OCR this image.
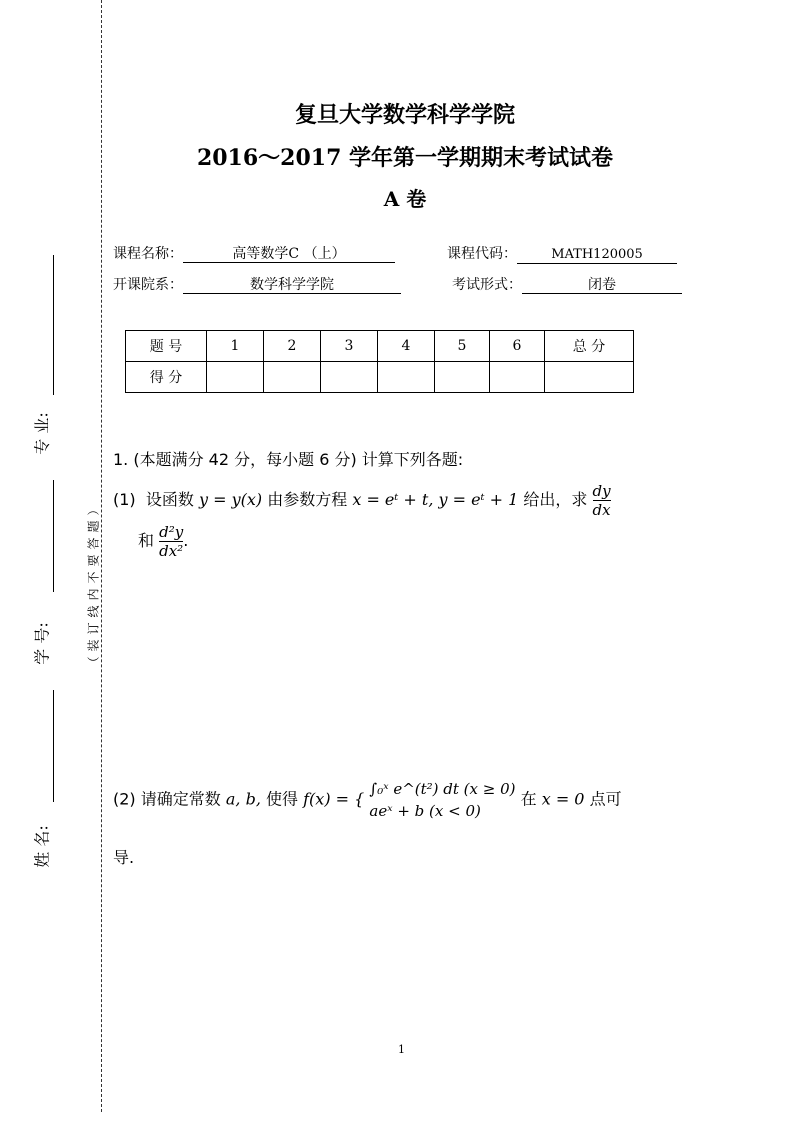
姓 名:
学 号:
专 业:
（装订线内不要答题）
复旦大学数学科学学院
2016～2017 学年第一学期期末考试试卷
A 卷
课程名称：	高等数学C （上）	课程代码：	MATH120005
开课院系：	数学科学学院	考试形式：	闭卷
题 号	1	2	3	4	5	6	总 分
得 分							
1. (本题满分 42 分，每小题 6 分) 计算下列各题:
(1) 设函数 y = y(x) 由参数方程 x = eᵗ + t, y = eᵗ + 1 给出，求 $\frac{dy}{dx}$
和 $\frac{\text{d²y}}{\text{dx²}}$ .
(2) 请确定常数 a, b, 使得 f(x) = {
∫₀ˣ e^(t²) dt (x ≥ 0)
aeˣ + b (x < 0)
在 x = 0 点可
导.
1
